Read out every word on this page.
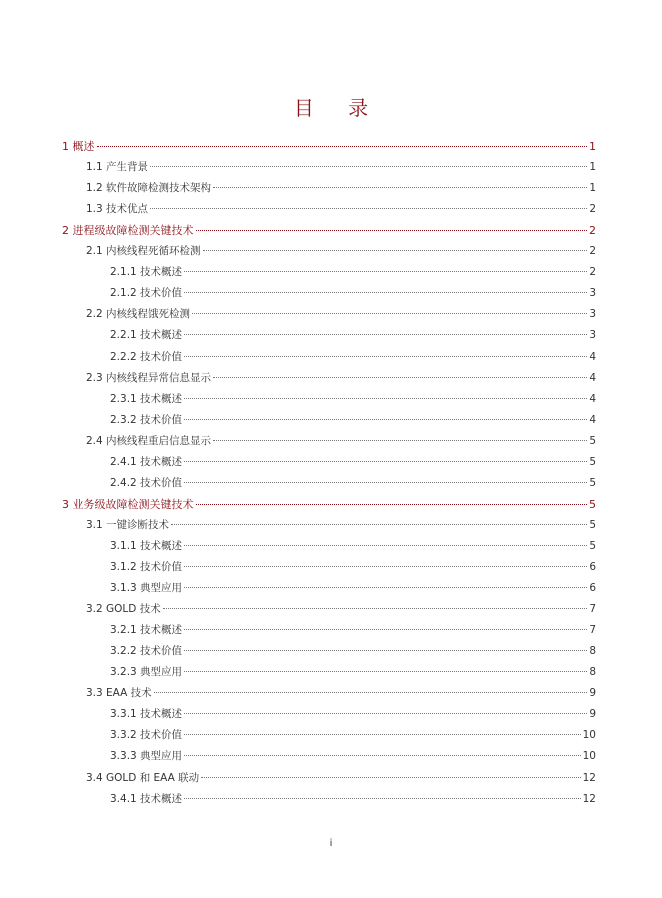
目 录
1 概述	1
1.1 产生背景	1
1.2 软件故障检测技术架构	1
1.3 技术优点	2
2 进程级故障检测关键技术	2
2.1 内核线程死循环检测	2
2.1.1 技术概述	2
2.1.2 技术价值	3
2.2 内核线程饿死检测	3
2.2.1 技术概述	3
2.2.2 技术价值	4
2.3 内核线程异常信息显示	4
2.3.1 技术概述	4
2.3.2 技术价值	4
2.4 内核线程重启信息显示	5
2.4.1 技术概述	5
2.4.2 技术价值	5
3 业务级故障检测关键技术	5
3.1 一键诊断技术	5
3.1.1 技术概述	5
3.1.2 技术价值	6
3.1.3 典型应用	6
3.2 GOLD 技术	7
3.2.1 技术概述	7
3.2.2 技术价值	8
3.2.3 典型应用	8
3.3 EAA 技术	9
3.3.1 技术概述	9
3.3.2 技术价值	10
3.3.3 典型应用	10
3.4 GOLD 和 EAA 联动	12
3.4.1 技术概述	12
i
